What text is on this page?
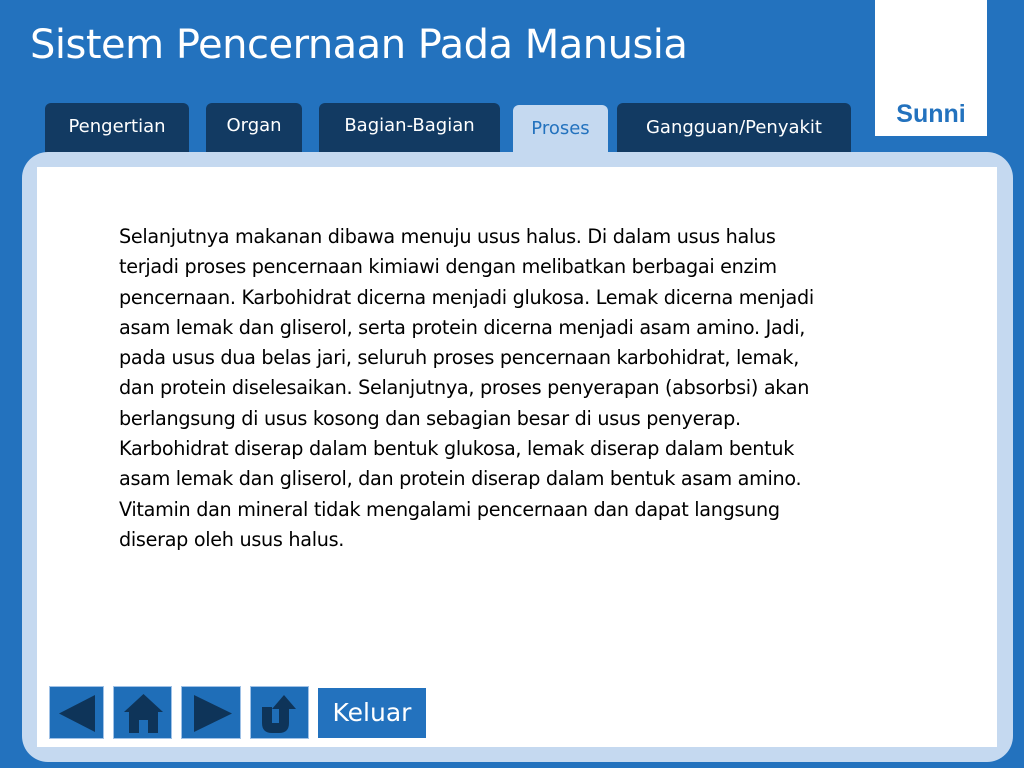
Sistem Pencernaan Pada Manusia
Sunni
Pengertian	Organ	Bagian-Bagian	Proses	Gangguan/Penyakit
Selanjutnya makanan dibawa menuju usus halus. Di dalam usus halus terjadi proses pencernaan kimiawi dengan melibatkan berbagai enzim pencernaan. Karbohidrat dicerna menjadi glukosa. Lemak dicerna menjadi asam lemak dan gliserol, serta protein dicerna menjadi asam amino. Jadi, pada usus dua belas jari, seluruh proses pencernaan karbohidrat, lemak, dan protein diselesaikan. Selanjutnya, proses penyerapan (absorbsi) akan berlangsung di usus kosong dan sebagian besar di usus penyerap. Karbohidrat diserap dalam bentuk glukosa, lemak diserap dalam bentuk asam lemak dan gliserol, dan protein diserap dalam bentuk asam amino. Vitamin dan mineral tidak mengalami pencernaan dan dapat langsung diserap oleh usus halus.
Keluar
